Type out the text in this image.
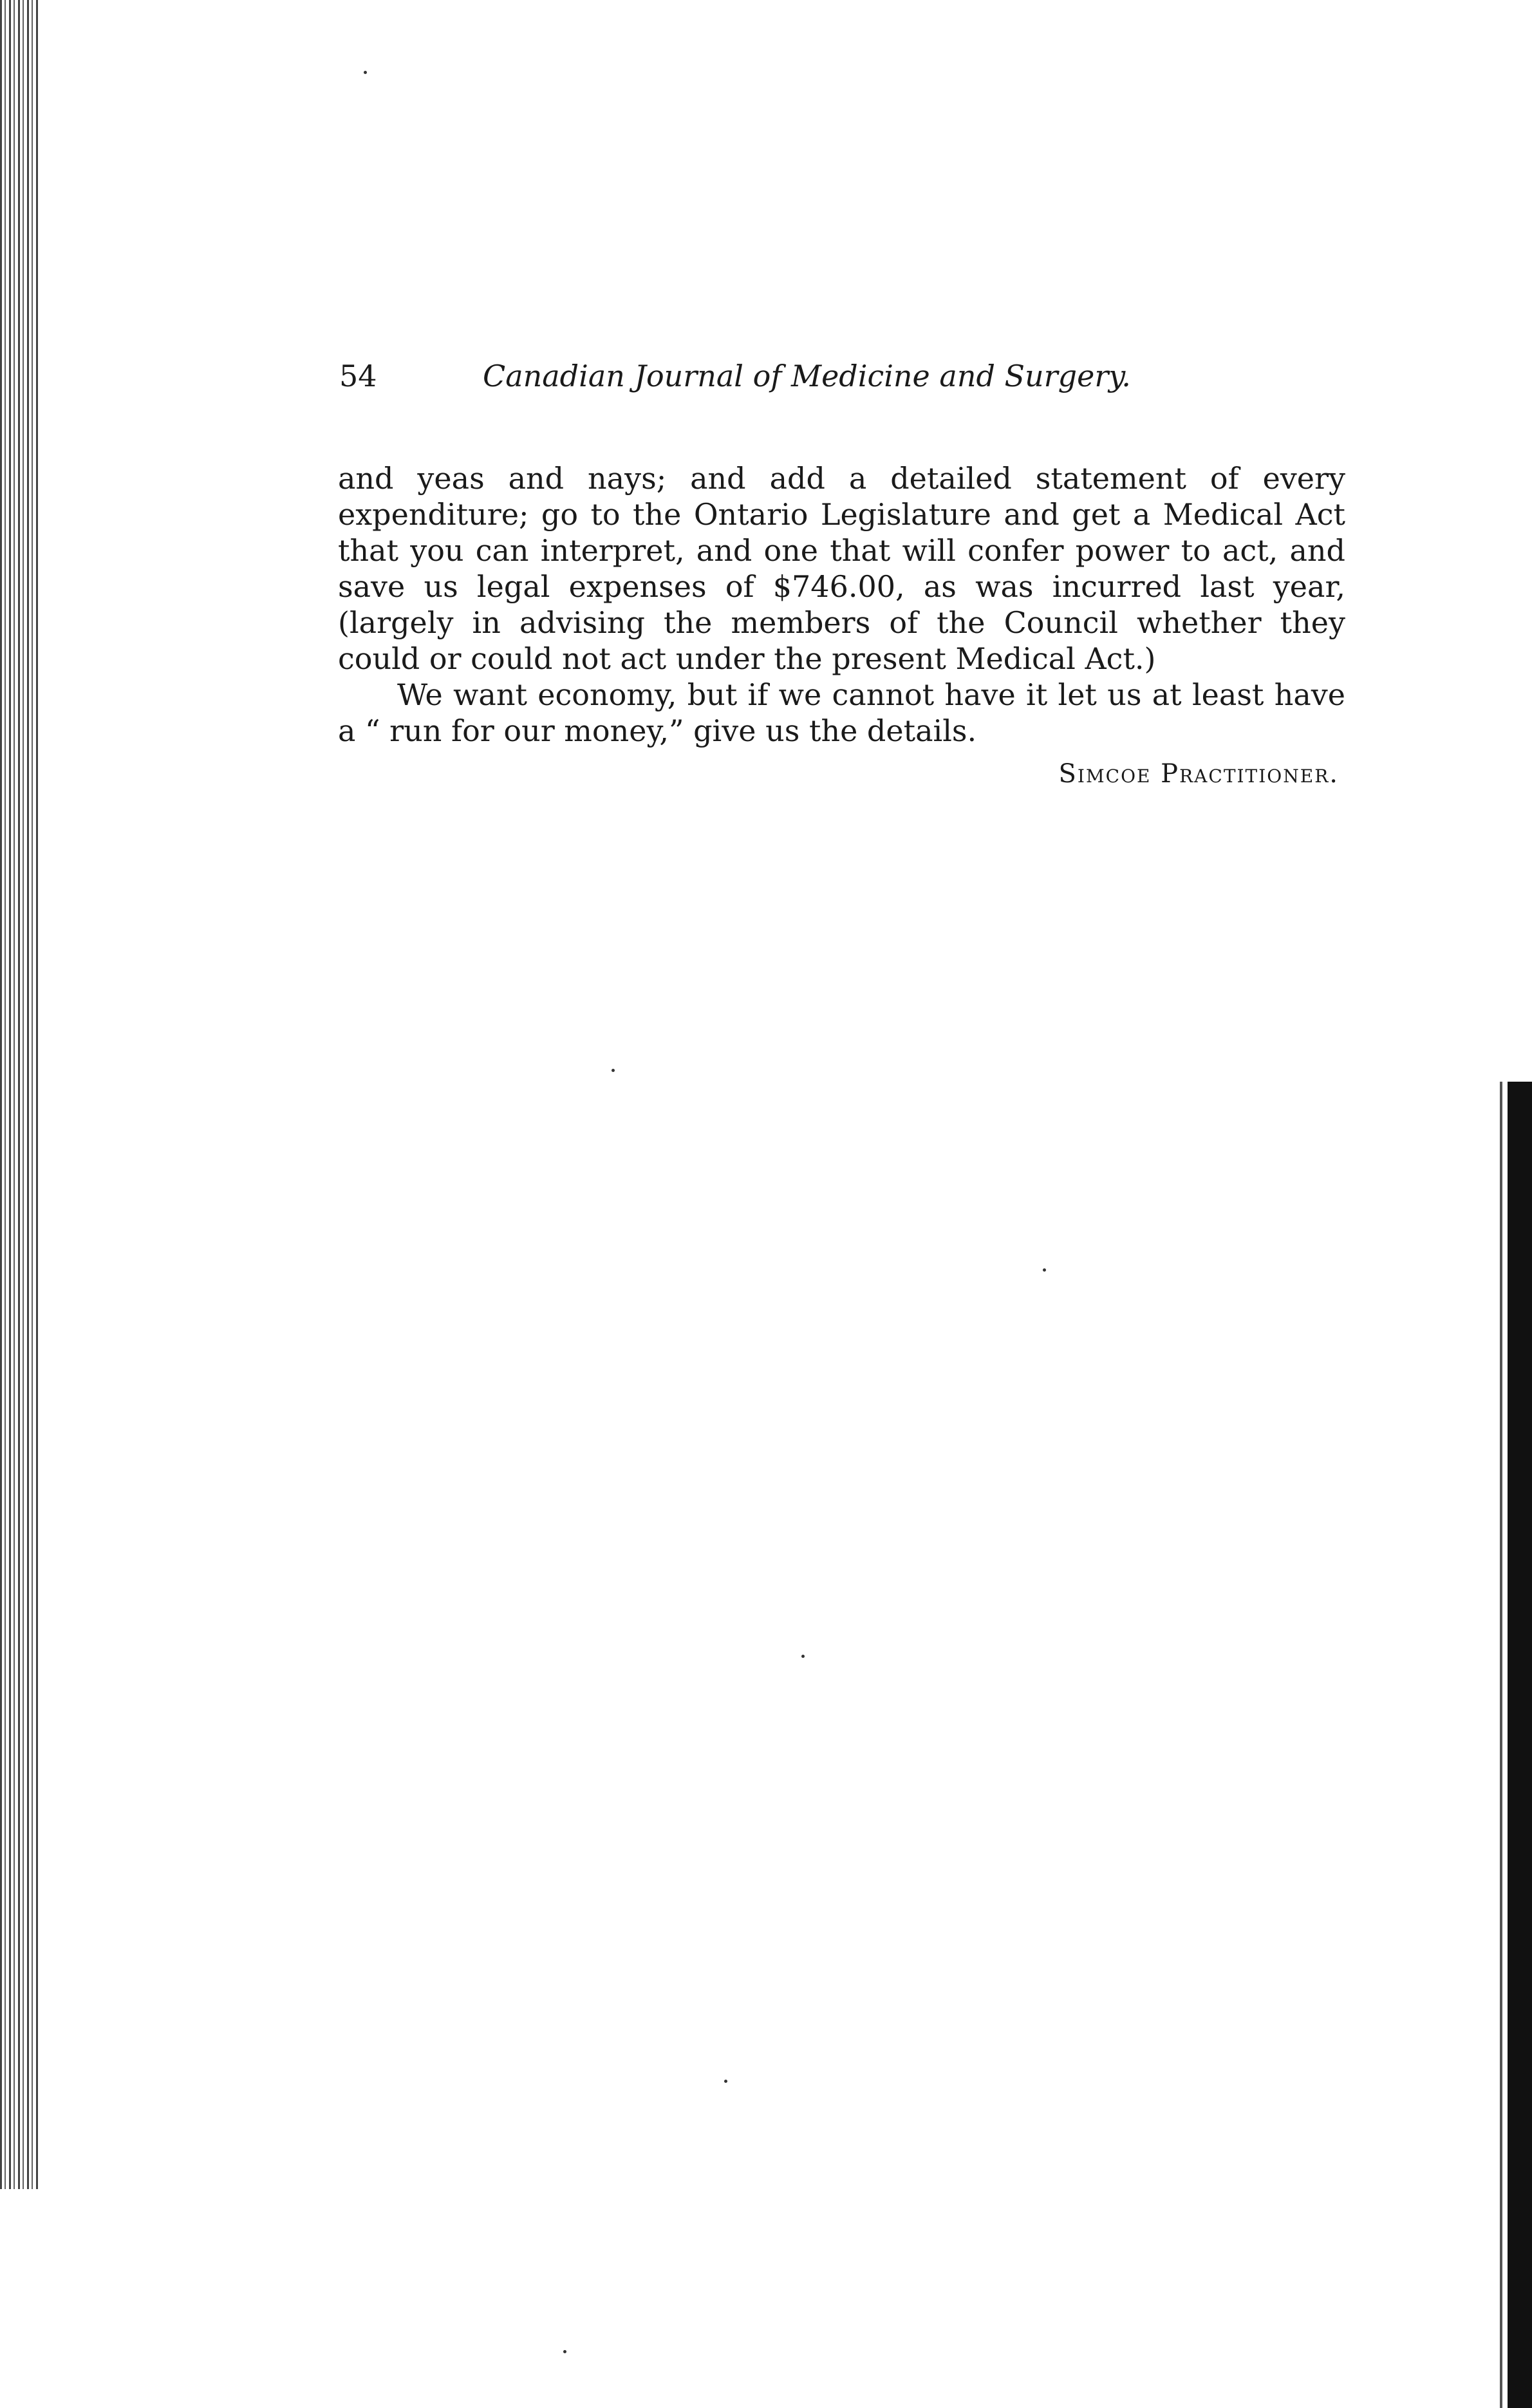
54	Canadian Journal of Medicine and Surgery.

and yeas and nays; and add a detailed statement of every expenditure; go to the Ontario Legislature and get a Medical Act that you can interpret, and one that will confer power to act, and save us legal expenses of $746.00, as was incurred last year, (largely in advising the members of the Council whether they could or could not act under the present Medical Act.)

We want economy, but if we cannot have it let us at least have a “ run for our money,” give us the details.

Simcoe Practitioner.
